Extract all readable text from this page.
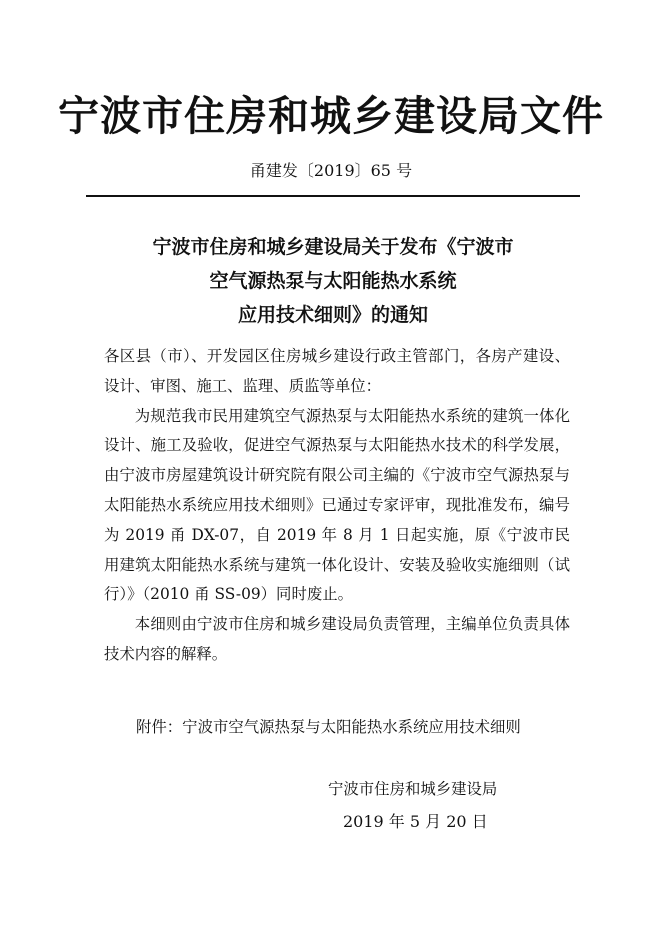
宁波市住房和城乡建设局文件
甬建发〔2019〕65 号
宁波市住房和城乡建设局关于发布《宁波市
空气源热泵与太阳能热水系统
应用技术细则》的通知

各区县（市）、开发园区住房城乡建设行政主管部门，各房产建设、设计、审图、施工、监理、质监等单位：

为规范我市民用建筑空气源热泵与太阳能热水系统的建筑一体化设计、施工及验收，促进空气源热泵与太阳能热水技术的科学发展，由宁波市房屋建筑设计研究院有限公司主编的《宁波市空气源热泵与太阳能热水系统应用技术细则》已通过专家评审，现批准发布，编号为 2019 甬 DX-07，自 2019 年 8 月 1 日起实施，原《宁波市民用建筑太阳能热水系统与建筑一体化设计、安装及验收实施细则（试行）》（2010 甬 SS-09）同时废止。

本细则由宁波市住房和城乡建设局负责管理，主编单位负责具体技术内容的解释。

附件：宁波市空气源热泵与太阳能热水系统应用技术细则
宁波市住房和城乡建设局
2019 年 5 月 20 日
